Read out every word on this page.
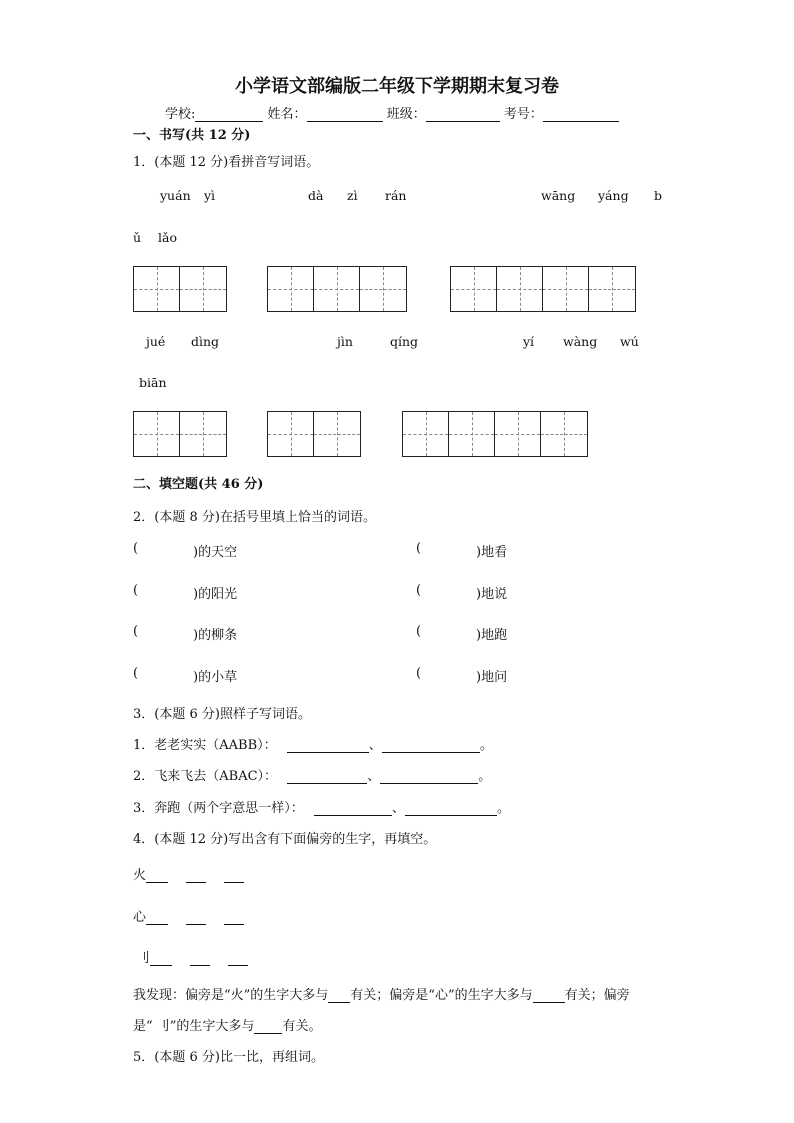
小学语文部编版二年级下学期期末复习卷
学校:	姓名：	班级：	考号：
一、书写(共 12 分)
1．(本题 12 分)看拼音写词语。
yuán yì	dà zì rán	wāng yáng b
ǔ lǎo
jué dìng	jìn	qíng	yí wàng wú
biān
二、填空题(共 46 分)
2．(本题 8 分)在括号里填上恰当的词语。
(	)的天空	(	)地看
(	)的阳光	(	)地说
(	)的柳条	(	)地跑
(	)的小草	(	)地问
3．(本题 6 分)照样子写词语。
1．老老实实（AABB）：	、	。
2．飞来飞去（ABAC）：	、	。
3．奔跑（两个字意思一样）：	、	。
4．(本题 12 分)写出含有下面偏旁的生字，再填空。
火
心
刂
我发现：偏旁是“火”的生字大多与 有关；偏旁是“心”的生字大多与 有关；偏旁
是“ 刂”的生字大多与 有关。
5．(本题 6 分)比一比，再组词。
